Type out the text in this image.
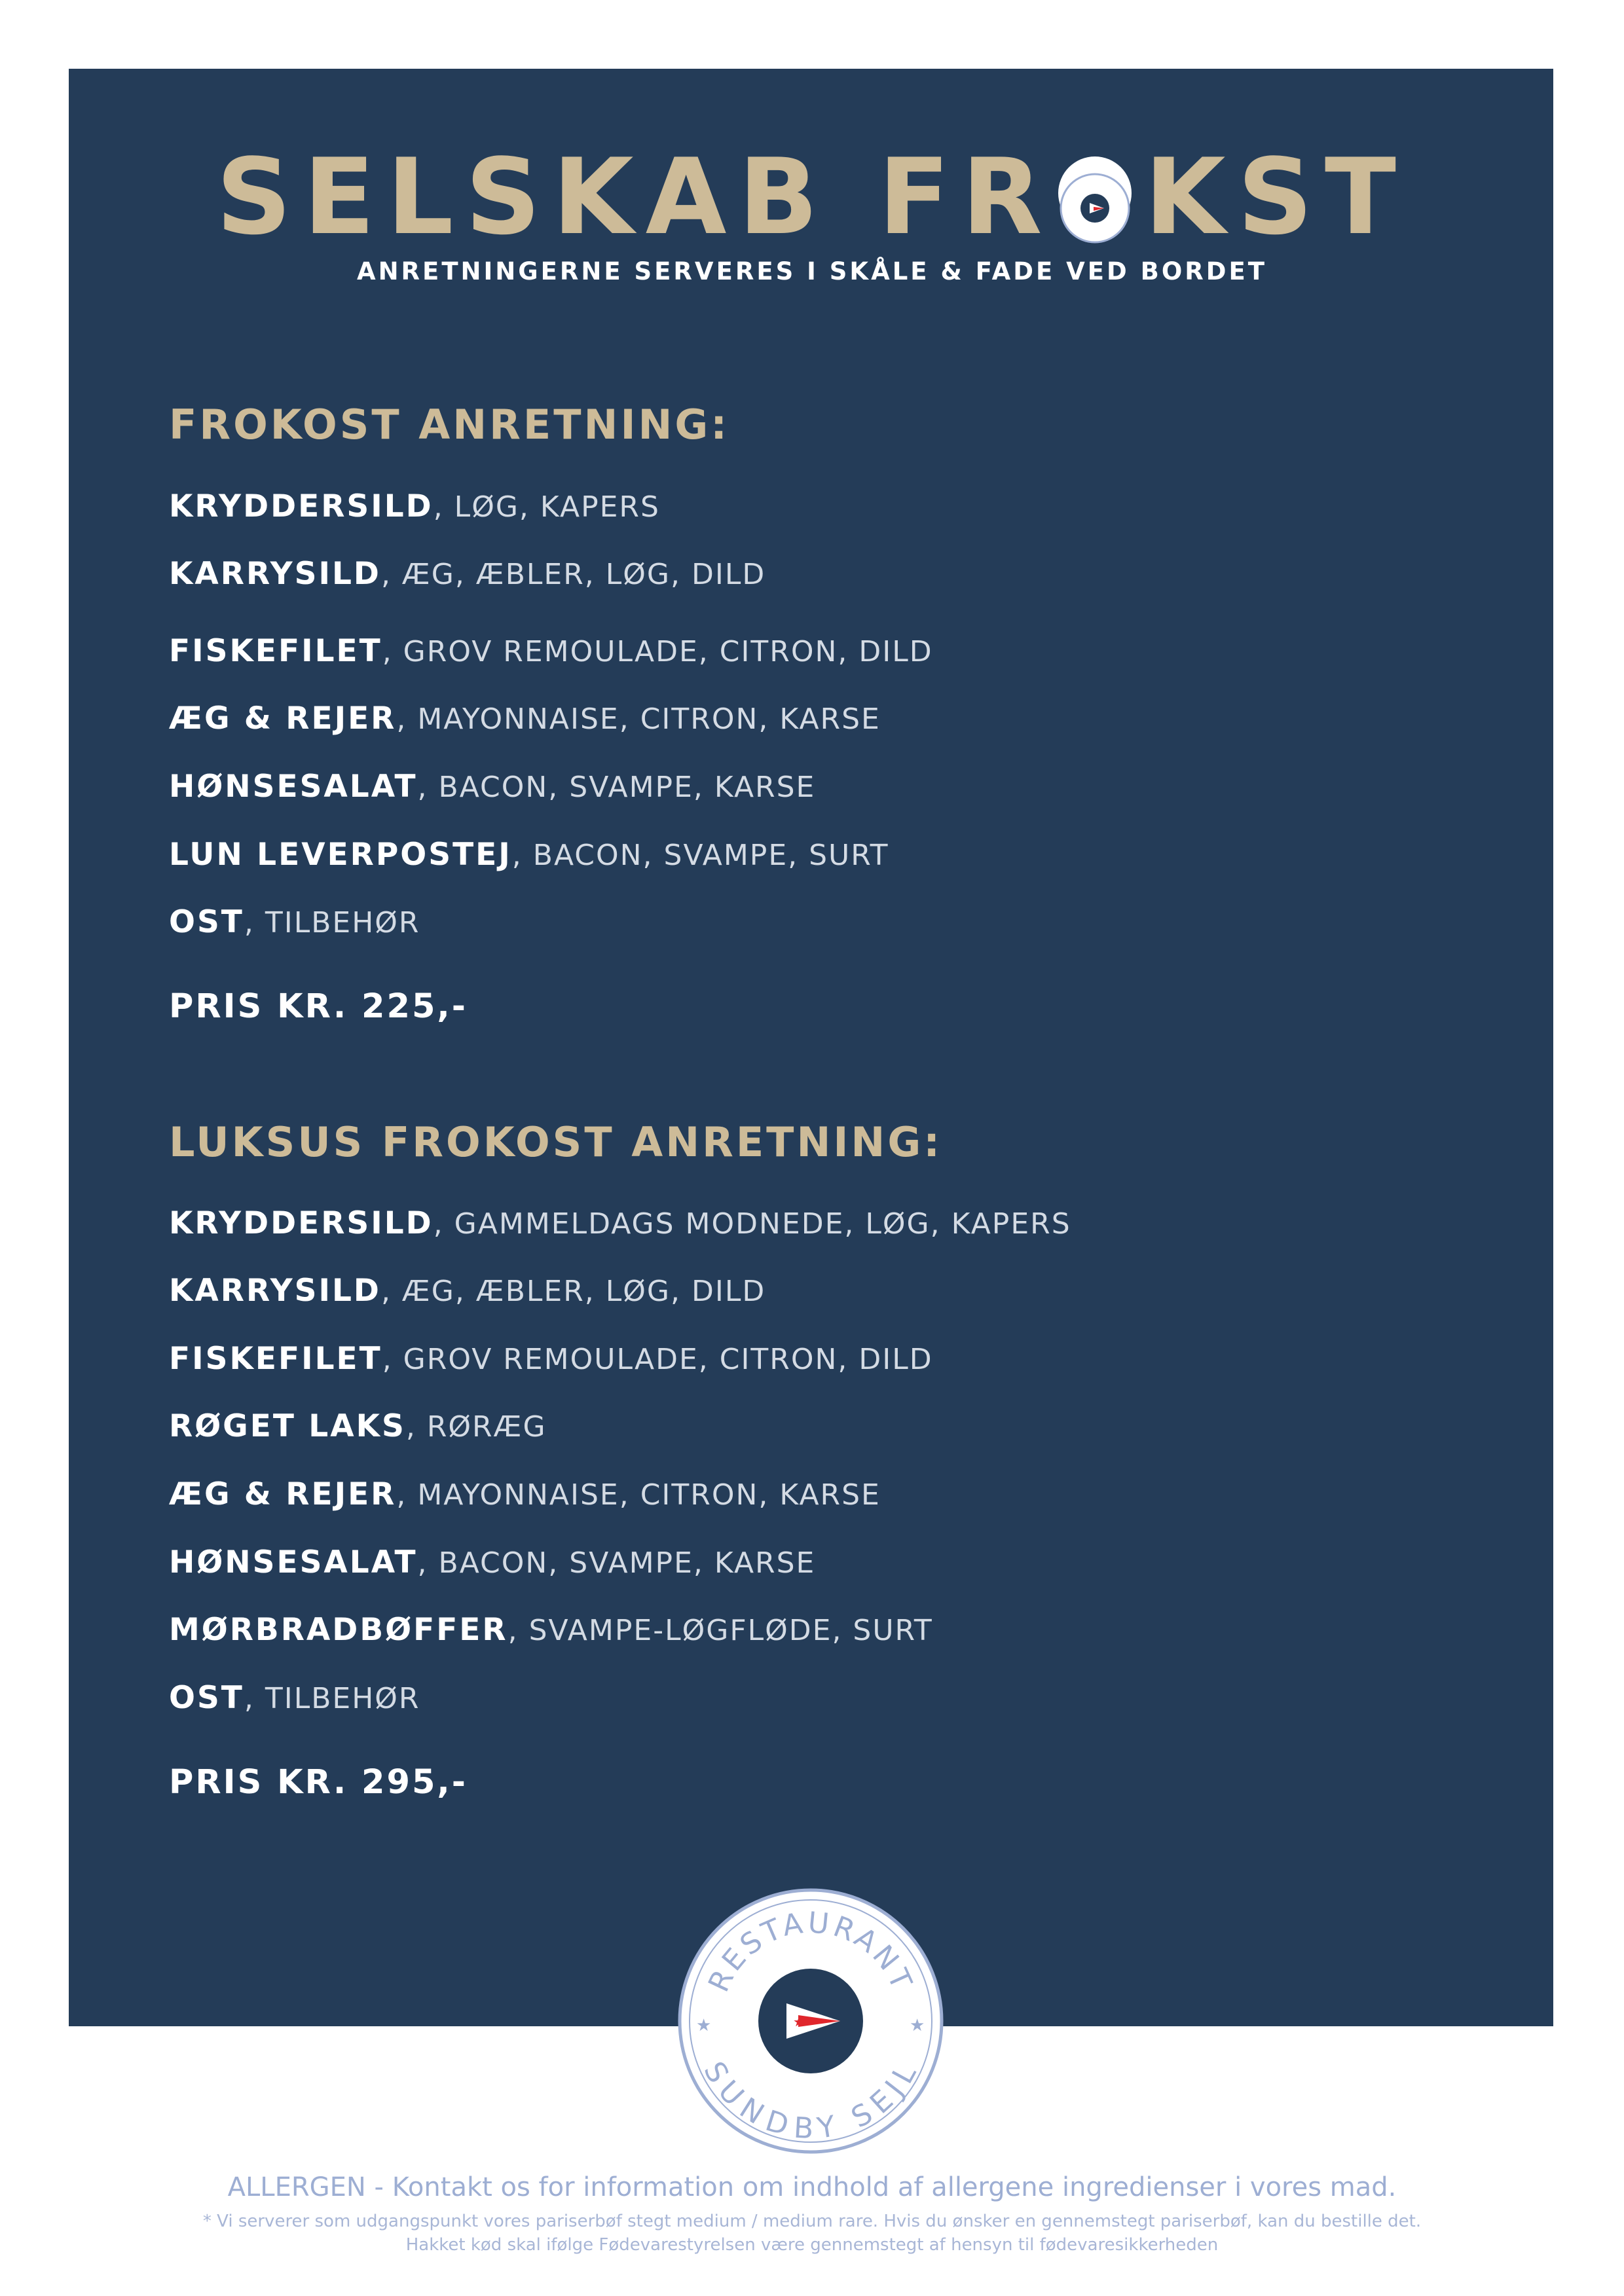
SELSKAB FR KST
ANRETNINGERNE SERVERES I SKÅLE & FADE VED BORDET
FROKOST ANRETNING:
KRYDDERSILD, LØG, KAPERS
KARRYSILD, ÆG, ÆBLER, LØG, DILD
FISKEFILET, GROV REMOULADE, CITRON, DILD
ÆG & REJER, MAYONNAISE, CITRON, KARSE
HØNSESALAT, BACON, SVAMPE, KARSE
LUN LEVERPOSTEJ, BACON, SVAMPE, SURT
OST, TILBEHØR
PRIS KR. 225,-
LUKSUS FROKOST ANRETNING:
KRYDDERSILD, GAMMELDAGS MODNEDE, LØG, KAPERS
KARRYSILD, ÆG, ÆBLER, LØG, DILD
FISKEFILET, GROV REMOULADE, CITRON, DILD
RØGET LAKS, RØRÆG
ÆG & REJER, MAYONNAISE, CITRON, KARSE
HØNSESALAT, BACON, SVAMPE, KARSE
MØRBRADBØFFER, SVAMPE-LØGFLØDE, SURT
OST, TILBEHØR
PRIS KR. 295,-
RESTAURANT
SUNDBY SEJL
★	★
★
ALLERGEN - Kontakt os for information om indhold af allergene ingredienser i vores mad.
* Vi serverer som udgangspunkt vores pariserbøf stegt medium / medium rare. Hvis du ønsker en gennemstegt pariserbøf, kan du bestille det.
Hakket kød skal ifølge Fødevarestyrelsen være gennemstegt af hensyn til fødevaresikkerheden
